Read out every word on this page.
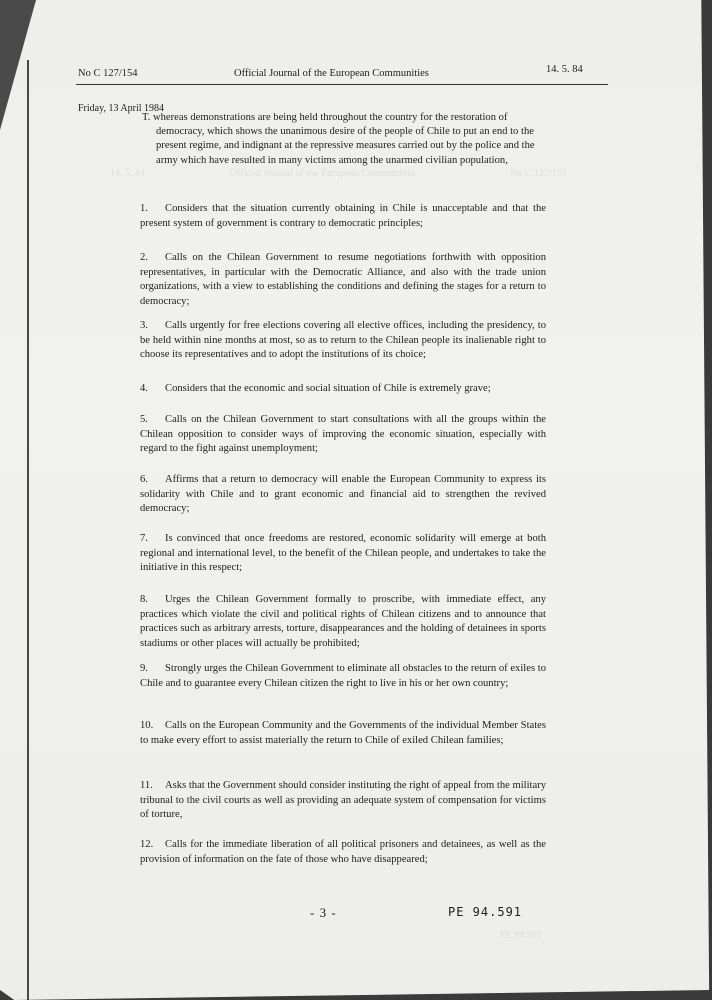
14. 5. 84	Official Journal of the European Communities	No C 127/155
PE 94.591
No C 127/154	Official Journal of the European Communities	14. 5. 84
Friday, 13 April 1984
T. whereas demonstrations are being held throughout the country for the restoration of democracy, which shows the unanimous desire of the people of Chile to put an end to the present regime, and indignant at the repressive measures carried out by the police and the army which have resulted in many victims among the unarmed civilian population,
1. Considers that the situation currently obtaining in Chile is unacceptable and that the present system of government is contrary to democratic principles;
2. Calls on the Chilean Government to resume negotiations forthwith with opposition representatives, in particular with the Democratic Alliance, and also with the trade union organizations, with a view to establishing the conditions and defining the stages for a return to democracy;
3. Calls urgently for free elections covering all elective offices, including the presidency, to be held within nine months at most, so as to return to the Chilean people its inalienable right to choose its representatives and to adopt the institutions of its choice;
4. Considers that the economic and social situation of Chile is extremely grave;
5. Calls on the Chilean Government to start consultations with all the groups within the Chilean opposition to consider ways of improving the economic situation, especially with regard to the fight against unemployment;
6. Affirms that a return to democracy will enable the European Community to express its solidarity with Chile and to grant economic and financial aid to strengthen the revived democracy;
7. Is convinced that once freedoms are restored, economic solidarity will emerge at both regional and international level, to the benefit of the Chilean people, and undertakes to take the initiative in this respect;
8. Urges the Chilean Government formally to proscribe, with immediate effect, any practices which violate the civil and political rights of Chilean citizens and to announce that practices such as arbitrary arrests, torture, disappearances and the holding of detainees in sports stadiums or other places will actually be prohibited;
9. Strongly urges the Chilean Government to eliminate all obstacles to the return of exiles to Chile and to guarantee every Chilean citizen the right to live in his or her own country;
10. Calls on the European Community and the Governments of the individual Member States to make every effort to assist materially the return to Chile of exiled Chilean families;
11. Asks that the Government should consider instituting the right of appeal from the military tribunal to the civil courts as well as providing an adequate system of compensation for victims of torture,
12. Calls for the immediate liberation of all political prisoners and detainees, as well as the provision of information on the fate of those who have disappeared;
- 3 -	PE 94.591
